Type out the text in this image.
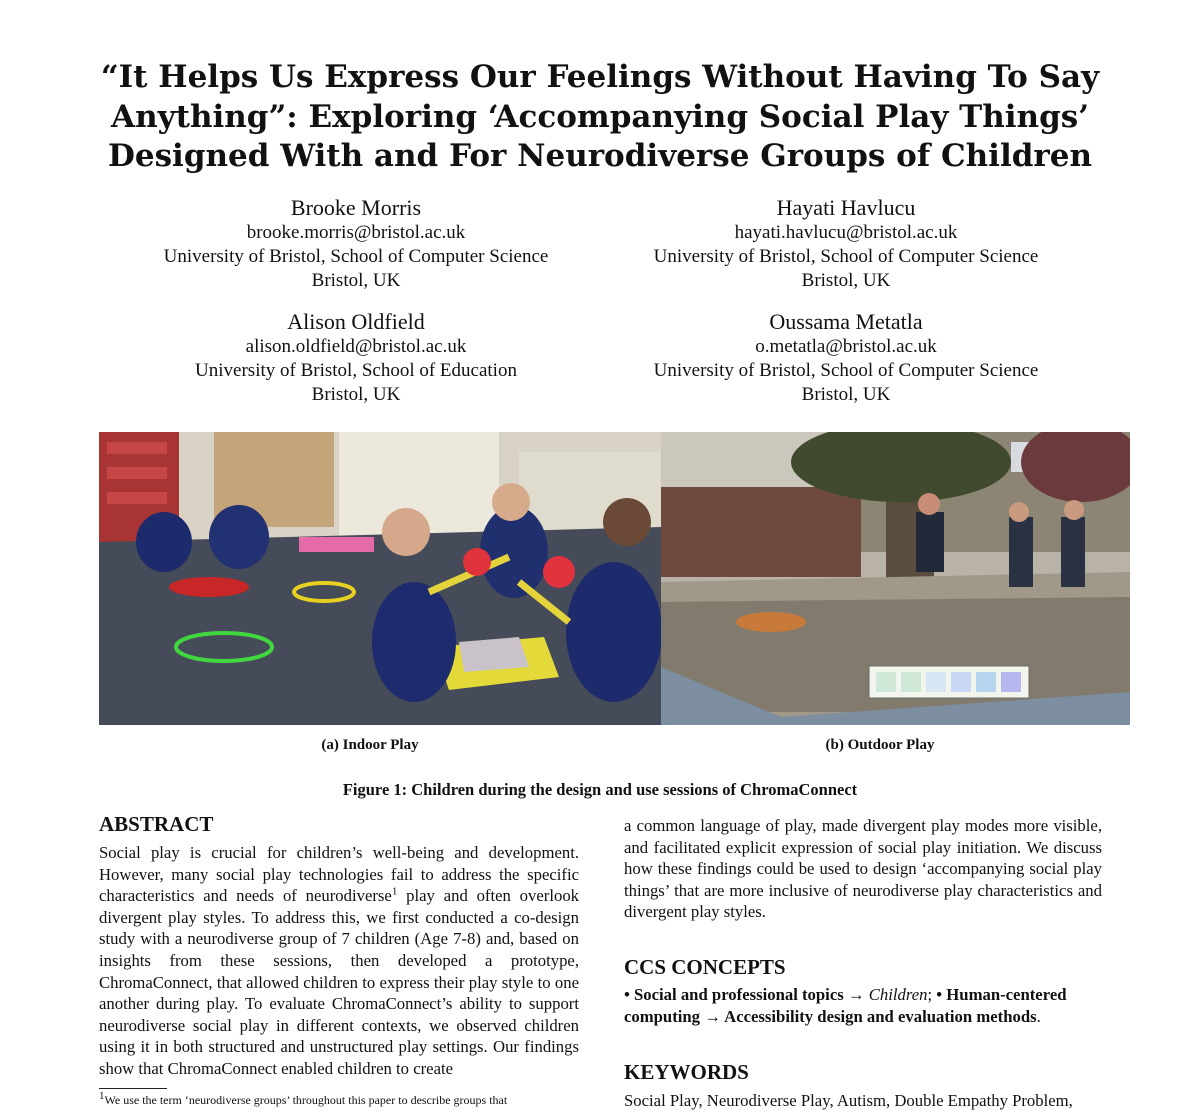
“It Helps Us Express Our Feelings Without Having To Say Anything”: Exploring ‘Accompanying Social Play Things’ Designed With and For Neurodiverse Groups of Children
Brooke Morris
brooke.morris@bristol.ac.uk
University of Bristol, School of Computer Science
Bristol, UK
Hayati Havlucu
hayati.havlucu@bristol.ac.uk
University of Bristol, School of Computer Science
Bristol, UK
Alison Oldfield
alison.oldfield@bristol.ac.uk
University of Bristol, School of Education
Bristol, UK
Oussama Metatla
o.metatla@bristol.ac.uk
University of Bristol, School of Computer Science
Bristol, UK
(a) Indoor Play	(b) Outdoor Play
Figure 1: Children during the design and use sessions of ChromaConnect
ABSTRACT
Social play is crucial for children’s well-being and development. However, many social play technologies fail to address the specific characteristics and needs of neurodiverse$^1$ play and often overlook divergent play styles. To address this, we first conducted a co-design study with a neurodiverse group of 7 children (Age 7-8) and, based on insights from these sessions, then developed a prototype, ChromaConnect, that allowed children to express their play style to one another during play. To evaluate ChromaConnect’s ability to support neurodiverse social play in different contexts, we observed children using it in both structured and unstructured play settings. Our findings show that ChromaConnect enabled children to create
a common language of play, made divergent play modes more visible, and facilitated explicit expression of social play initiation. We discuss how these findings could be used to design ‘accompanying social play things’ that are more inclusive of neurodiverse play characteristics and divergent play styles.
CCS CONCEPTS
• Social and professional topics → Children; • Human-centered computing → Accessibility design and evaluation methods.
KEYWORDS
Social Play, Neurodiverse Play, Autism, Double Empathy Problem,
$^1$We use the term ‘neurodiverse groups’ throughout this paper to describe groups that
